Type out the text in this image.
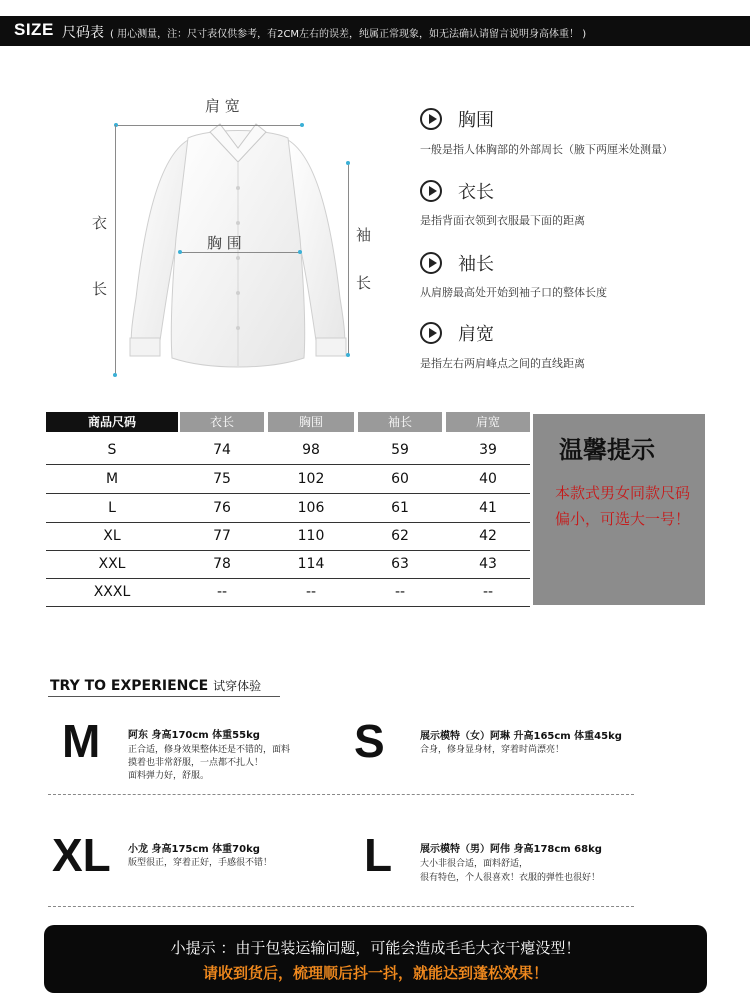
SIZE 尺码表 ( 用心测量，注：尺寸表仅供参考，有2CM左右的误差，纯属正常现象，如无法确认请留言说明身高体重！ )
肩 宽
胸 围
衣
长
袖
长
胸围
一般是指人体胸部的外部周长（腋下两厘米处测量）
衣长
是指背面衣领到衣服最下面的距离
袖长
从肩膀最高处开始到袖子口的整体长度
肩宽
是指左右两肩峰点之间的直线距离
商品尺码	衣长	胸围	袖长	肩宽
S	74	98	59	39
M	75	102	60	40
L	76	106	61	41
XL	77	110	62	42
XXL	78	114	63	43
XXXL	--	--	--	--
温馨提示
本款式男女同款尺码偏小，可选大一号！
TRY TO EXPERIENCE 试穿体验
M	阿东 身高170cm 体重55kg
正合适，修身效果整体还是不错的，面料
摸着也非常舒服，一点都不扎人！
面料弹力好，舒服。
S	展示模特（女）阿琳 升高165cm 体重45kg
合身，修身显身材，穿着时尚漂亮！
XL 小龙 身高175cm 体重70kg
版型很正，穿着正好，手感很不错！ L	展示模特（男）阿伟 身高178cm 68kg
大小非很合适，面料舒适，
很有特色，个人很喜欢！衣服的弹性也很好！
小提示 ：由于包装运输问题，可能会造成毛毛大衣干瘪没型！
请收到货后，梳理顺后抖一抖，就能达到蓬松效果！
